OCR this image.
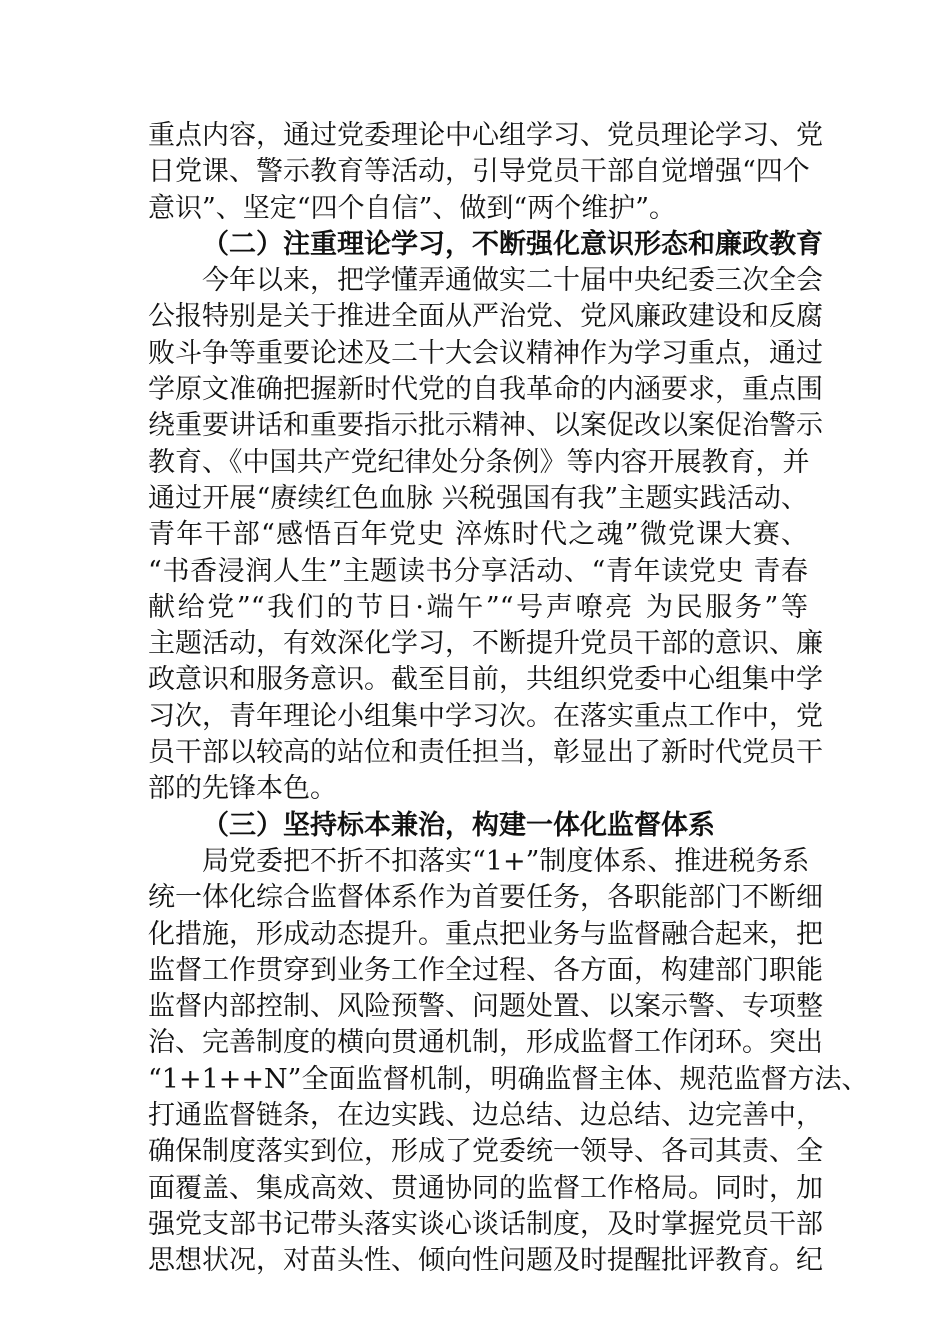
重点内容，通过党委理论中心组学习、党员理论学习、党
日党课、警示教育等活动，引导党员干部自觉增强“四个
意识”、坚定“四个自信”、做到“两个维护”。
（二）注重理论学习，不断强化意识形态和廉政教育
今年以来，把学懂弄通做实二十届中央纪委三次全会
公报特别是关于推进全面从严治党、党风廉政建设和反腐
败斗争等重要论述及二十大会议精神作为学习重点，通过
学原文准确把握新时代党的自我革命的内涵要求，重点围
绕重要讲话和重要指示批示精神、以案促改以案促治警示
教育、《中国共产党纪律处分条例》等内容开展教育，并
通过开展“赓续红色血脉 兴税强国有我”主题实践活动、
青年干部“感悟百年党史 淬炼时代之魂”微党课大赛、
“书香浸润人生”主题读书分享活动、“青年读党史 青春
献给党”“我们的节日·端午”“号声嘹亮 为民服务”等
主题活动，有效深化学习，不断提升党员干部的意识、廉
政意识和服务意识。截至目前，共组织党委中心组集中学
习次，青年理论小组集中学习次。在落实重点工作中，党
员干部以较高的站位和责任担当，彰显出了新时代党员干
部的先锋本色。
（三）坚持标本兼治，构建一体化监督体系
局党委把不折不扣落实“1+”制度体系、推进税务系
统一体化综合监督体系作为首要任务，各职能部门不断细
化措施，形成动态提升。重点把业务与监督融合起来，把
监督工作贯穿到业务工作全过程、各方面，构建部门职能
监督内部控制、风险预警、问题处置、以案示警、专项整
治、完善制度的横向贯通机制，形成监督工作闭环。突出
“1+1++N”全面监督机制，明确监督主体、规范监督方法、
打通监督链条，在边实践、边总结、边总结、边完善中，
确保制度落实到位，形成了党委统一领导、各司其责、全
面覆盖、集成高效、贯通协同的监督工作格局。同时，加
强党支部书记带头落实谈心谈话制度，及时掌握党员干部
思想状况，对苗头性、倾向性问题及时提醒批评教育。纪
